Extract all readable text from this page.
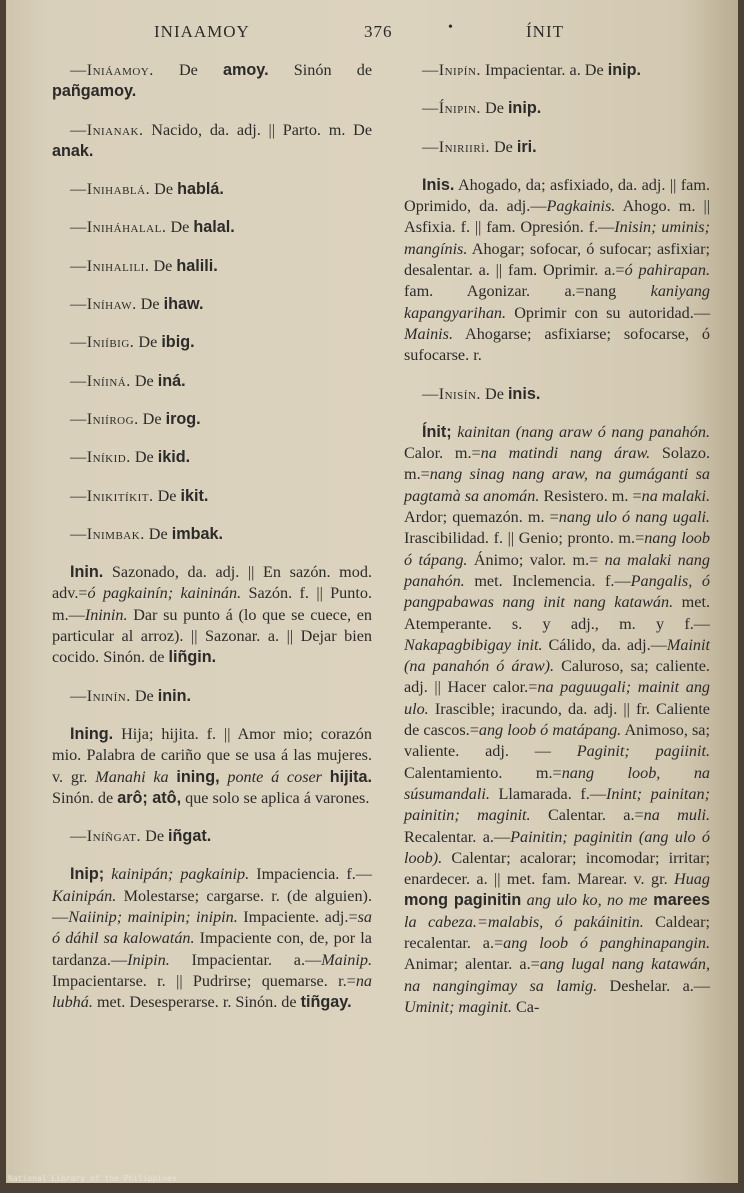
INIAAMOY	376	•	ÍNIT
—Iniáamoy. De amoy. Sinón de pañgamoy.
—Inianak. Nacido, da. adj. || Parto. m. De anak.
—Inihablá. De hablá.
—Iniháhalal. De halal.
—Inihalili. De halili.
—Iníhaw. De ihaw.
—Iniíbig. De ibig.
—Iníiná. De iná.
—Iniírog. De irog.
—Iníkid. De ikid.
—Inikitíkit. De ikit.
—Inimbak. De imbak.
Inin. Sazonado, da. adj. || En sazón. mod. adv.=ó pagkainín; kaininán. Sazón. f. || Punto. m.—Ininin. Dar su punto á (lo que se cuece, en particular al arroz). || Sazonar. a. || Dejar bien cocido. Sinón. de liñgin.
—Ininín. De inin.
Ining. Hija; hijita. f. || Amor mio; corazón mio. Palabra de cariño que se usa á las mujeres. v. gr. Manahi ka ining, ponte á coser hijita. Sinón. de arô; atô, que solo se aplica á varones.
—Iníñgat. De iñgat.
Inip; kainipán; pagkainip. Impaciencia. f.—Kainipán. Molestarse; cargarse. r. (de alguien).—Naiinip; mainipin; inipin. Impaciente. adj.=sa ó dáhil sa kalowatán. Impaciente con, de, por la tardanza.—Inipin. Impacientar. a.—Mainip. Impacientarse. r. || Pudrirse; quemarse. r.=na lubhá. met. Desesperarse. r. Sinón. de tiñgay.
—Inipín. Impacientar. a. De inip.
—Ínipin. De inip.
—Iniriirì. De iri.
Inis. Ahogado, da; asfixiado, da. adj. || fam. Oprimido, da. adj.—Pagkainis. Ahogo. m. || Asfixia. f. || fam. Opresión. f.—Inisin; uminis; mangínis. Ahogar; sofocar, ó sufocar; asfixiar; desalentar. a. || fam. Oprimir. a.=ó pahirapan. fam. Agonizar. a.=nang kaniyang kapangyarihan. Oprimir con su autoridad.—Mainis. Ahogarse; asfixiarse; sofocarse, ó sufocarse. r.
—Inisín. De inis.
Ínit; kainitan (nang araw ó nang panahón. Calor. m.=na matindi nang áraw. Solazo. m.=nang sinag nang araw, na gumáganti sa pagtamà sa anomán. Resistero. m. =na malaki. Ardor; quemazón. m. =nang ulo ó nang ugali. Irascibilidad. f. || Genio; pronto. m.=nang loob ó tápang. Ánimo; valor. m.= na malaki nang panahón. met. Inclemencia. f.—Pangalis, ó pangpabawas nang init nang katawán. met. Atemperante. s. y adj., m. y f.— Nakapagbibigay init. Cálido, da. adj.—Mainit (na panahón ó áraw). Caluroso, sa; caliente. adj. || Hacer calor.=na paguugali; mainit ang ulo. Irascible; iracundo, da. adj. || fr. Caliente de cascos.=ang loob ó matápang. Animoso, sa; valiente. adj. — Paginit; pagiinit. Calentamiento. m.=nang loob, na súsumandali. Llamarada. f.—Inint; painitan; painitin; maginit. Calentar. a.=na muli. Recalentar. a.—Painitin; paginitin (ang ulo ó loob). Calentar; acalorar; incomodar; irritar; enardecer. a. || met. fam. Marear. v. gr. Huag mong paginitin ang ulo ko, no me marees la cabeza.=malabis, ó pakáinitin. Caldear; recalentar. a.=ang loob ó panghinapangin. Animar; alentar. a.=ang lugal nang katawán, na nangingimay sa lamig. Deshelar. a.—Uminit; maginit. Ca-
National Library of the Philippines
